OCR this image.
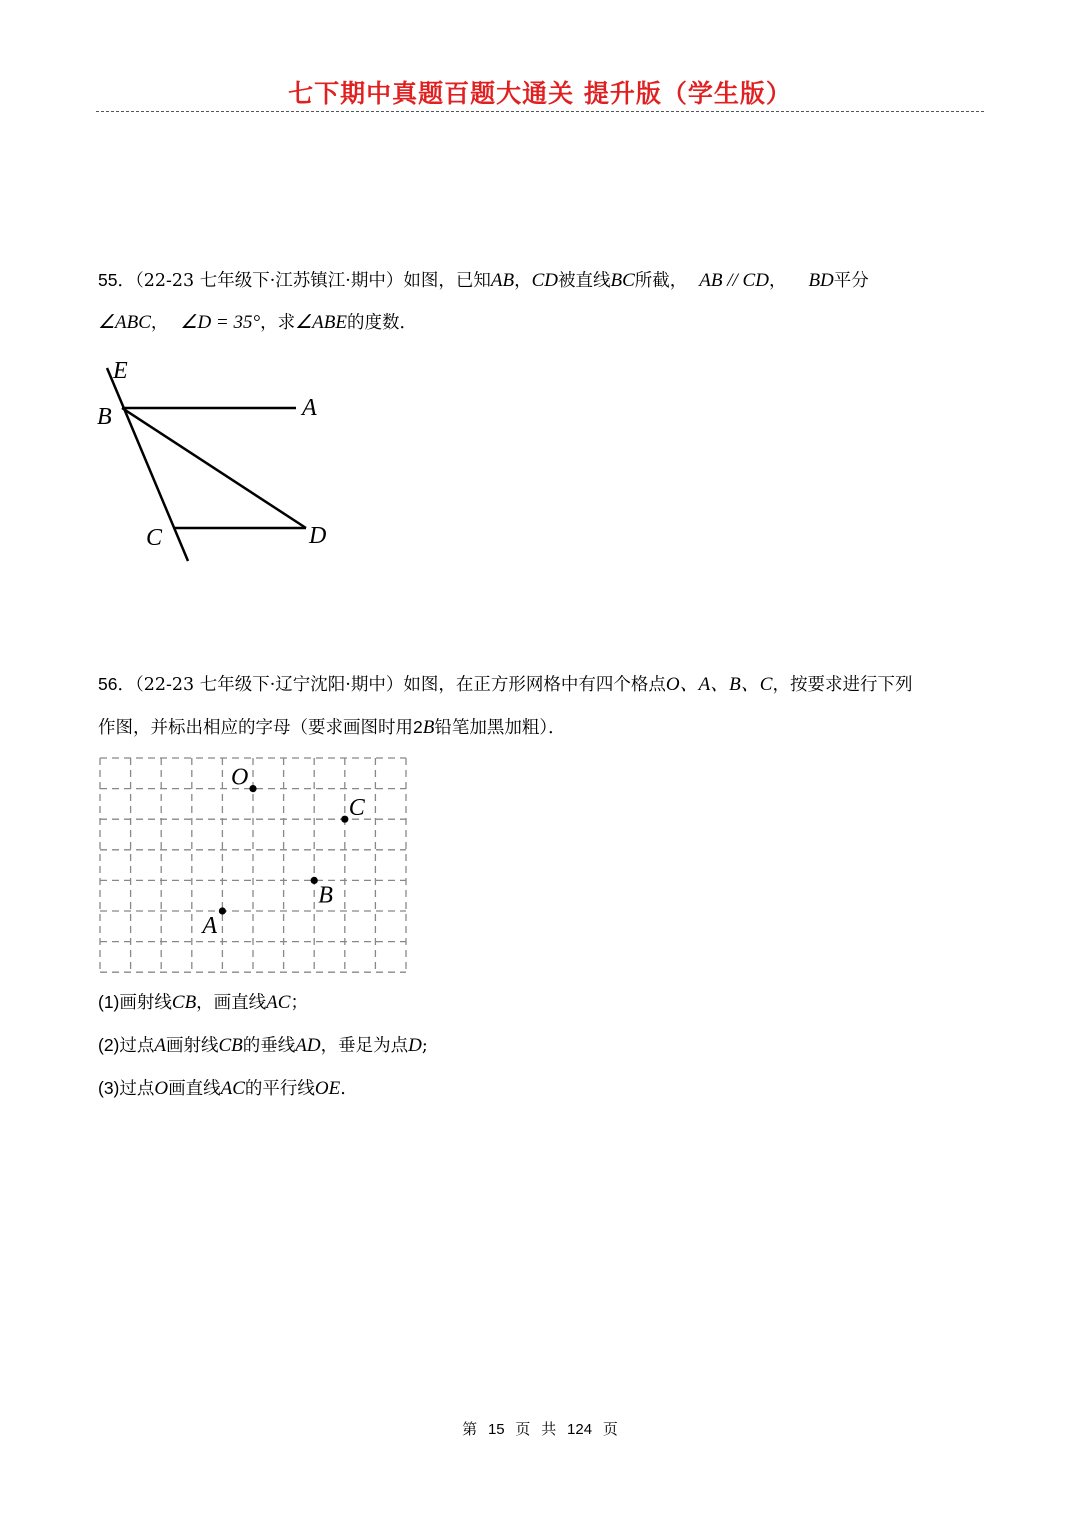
七下期中真题百题大通关 提升版（学生版）
55．（22-23 七年级下·江苏镇江·期中）如图，已知AB，CD被直线BC所截， AB // CD， BD平分
∠ABC， ∠D = 35°，求∠ABE的度数．
E
B	A
C	D
56．（22-23 七年级下·辽宁沈阳·期中）如图，在正方形网格中有四个格点O、A、B、C，按要求进行下列
作图，并标出相应的字母（要求画图时用2B铅笔加黑加粗）．
O
C
B
A
(1)画射线CB，画直线AC；
(2)过点A画射线CB的垂线AD，垂足为点D;
(3)过点O画直线AC的平行线OE.
第 15 页 共 124 页
